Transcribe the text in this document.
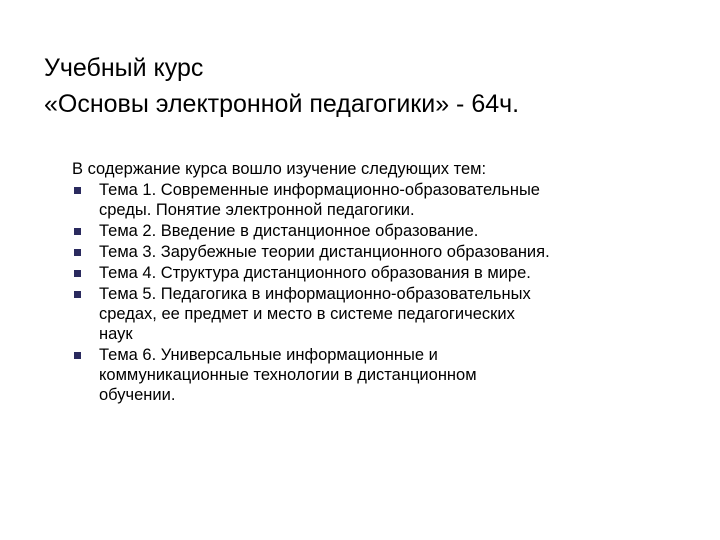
Учебный курс
«Основы электронной педагогики» - 64ч.
В содержание курса вошло изучение следующих тем:
Тема 1. Современные информационно-образовательные
среды. Понятие электронной педагогики.
Тема 2. Введение в дистанционное образование.
Тема 3. Зарубежные теории дистанционного образования.
Тема 4. Структура дистанционного образования в мире.
Тема 5. Педагогика в информационно-образовательных
средах, ее предмет и место в системе педагогических
наук
Тема 6. Универсальные информационные и
коммуникационные технологии в дистанционном
обучении.
